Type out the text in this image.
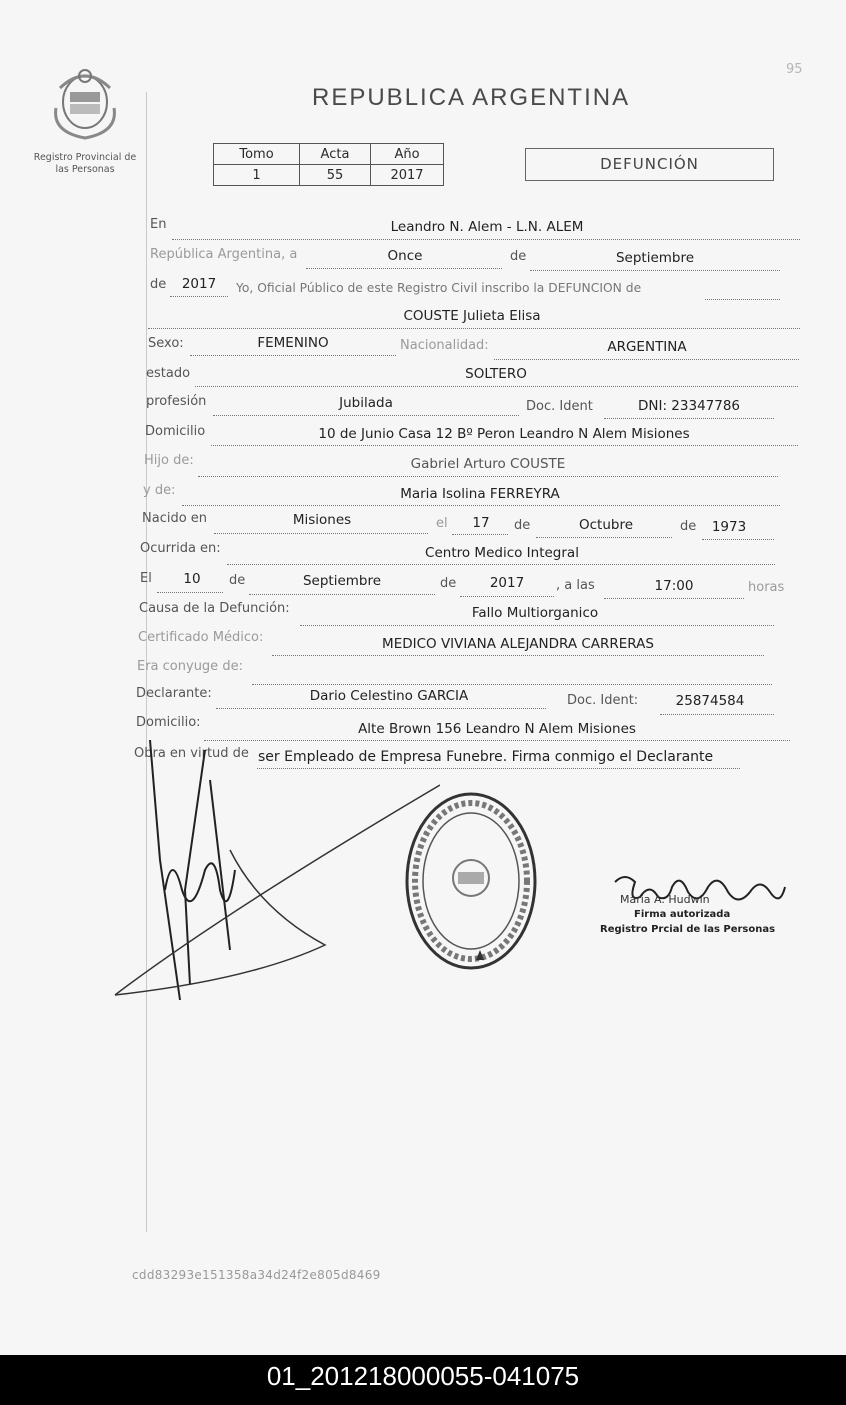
95
Registro Provincial de
las Personas
REPUBLICA ARGENTINA
Tomo	Acta	Año
1	55	2017
DEFUNCIÓN
En	Leandro N. Alem - L.N. ALEM
República Argentina, a	Once	de	Septiembre
de 2017 Yo, Oficial Público de este Registro Civil inscribo la DEFUNCION de
COUSTE Julieta Elisa
Sexo:	FEMENINO	Nacionalidad:	ARGENTINA
estado	SOLTERO
profesión	Jubilada	Doc. Ident	DNI: 23347786
Domicilio	10 de Junio Casa 12 Bº Peron Leandro N Alem Misiones
Hijo de:	Gabriel Arturo COUSTE
y de:	Maria Isolina FERREYRA
Nacido en	Misiones	el 17 de	Octubre	de 1973
Ocurrida en:	Centro Medico Integral
El 10 de	Septiembre	de 2017 , a las	17:00	horas
Causa de la Defunción:	Fallo Multiorganico
Certificado Médico:	MEDICO VIVIANA ALEJANDRA CARRERAS
Era conyuge de:
Declarante:	Dario Celestino GARCIA	Doc. Ident:	25874584
Domicilio:	Alte Brown 156 Leandro N Alem Misiones
Obra en virtud de ser Empleado de Empresa Funebre. Firma conmigo el Declarante
Maria A. Hudwin
Firma autorizada
Registro Prcial de las Personas
cdd83293e151358a34d24f2e805d8469
01_201218000055-041075
